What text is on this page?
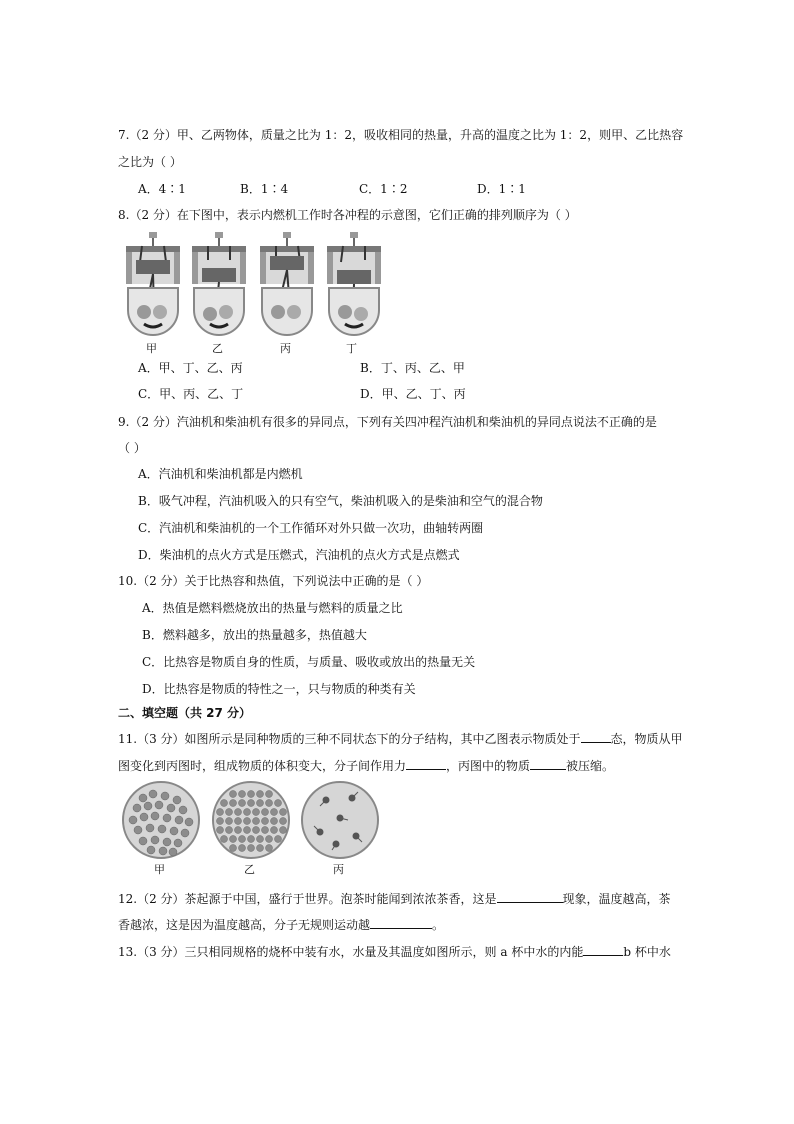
7.（2 分）甲、乙两物体，质量之比为 1：2，吸收相同的热量，升高的温度之比为 1：2，则甲、乙比热容
之比为（ ）
A．4∶1	B．1∶4	C．1∶2	D．1∶1
8.（2 分）在下图中，表示内燃机工作时各冲程的示意图，它们正确的排列顺序为（ ）
甲	乙	丙	丁
A．甲、丁、乙、丙	B．丁、丙、乙、甲
C．甲、丙、乙、丁	D．甲、乙、丁、丙
9.（2 分）汽油机和柴油机有很多的异同点，下列有关四冲程汽油机和柴油机的异同点说法不正确的是
（ ）
A．汽油机和柴油机都是内燃机
B．吸气冲程，汽油机吸入的只有空气，柴油机吸入的是柴油和空气的混合物
C．汽油机和柴油机的一个工作循环对外只做一次功，曲轴转两圈
D．柴油机的点火方式是压燃式，汽油机的点火方式是点燃式
10.（2 分）关于比热容和热值，下列说法中正确的是（ ）
A．热值是燃料燃烧放出的热量与燃料的质量之比
B．燃料越多，放出的热量越多，热值越大
C．比热容是物质自身的性质，与质量、吸收或放出的热量无关
D．比热容是物质的特性之一，只与物质的种类有关
二、填空题（共 27 分）
11.（3 分）如图所示是同种物质的三种不同状态下的分子结构，其中乙图表示物质处于	态，物质从甲
图变化到丙图时，组成物质的体积变大，分子间作用力	，丙图中的物质	被压缩。
甲	乙	丙
12.（2 分）茶起源于中国，盛行于世界。泡茶时能闻到浓浓茶香，这是	现象，温度越高，茶
香越浓，这是因为温度越高，分子无规则运动越	。
13.（3 分）三只相同规格的烧杯中装有水，水量及其温度如图所示，则 a 杯中水的内能	b 杯中水
